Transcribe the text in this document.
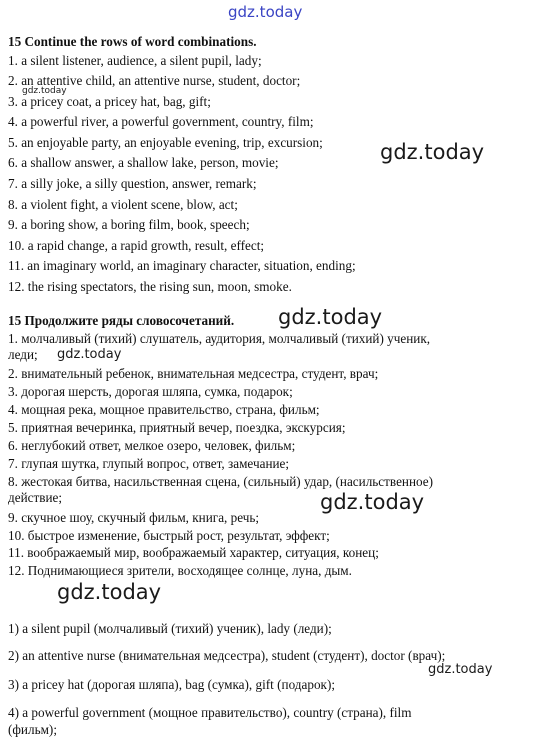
gdz.today
15 Continue the rows of word combinations.
1. a silent listener, audience, a silent pupil, lady;
2. an attentive child, an attentive nurse, student, doctor;
3. a pricey coat, a pricey hat, bag, gift;
4. a powerful river, a powerful government, country, film;
5. an enjoyable party, an enjoyable evening, trip, excursion;
6. a shallow answer, a shallow lake, person, movie;
7. a silly joke, a silly question, answer, remark;
8. a violent fight, a violent scene, blow, act;
9. a boring show, a boring film, book, speech;
10. a rapid change, a rapid growth, result, effect;
11. an imaginary world, an imaginary character, situation, ending;
12. the rising spectators, the rising sun, moon, smoke.
15 Продолжите ряды словосочетаний.
1. молчаливый (тихий) слушатель, аудитория, молчаливый (тихий) ученик,
леди;
2. внимательный ребенок, внимательная медсестра, студент, врач;
3. дорогая шерсть, дорогая шляпа, сумка, подарок;
4. мощная река, мощное правительство, страна, фильм;
5. приятная вечеринка, приятный вечер, поездка, экскурсия;
6. неглубокий ответ, мелкое озеро, человек, фильм;
7. глупая шутка, глупый вопрос, ответ, замечание;
8. жестокая битва, насильственная сцена, (сильный) удар, (насильственное)
действие;
9. скучное шоу, скучный фильм, книга, речь;
10. быстрое изменение, быстрый рост, результат, эффект;
11. воображаемый мир, воображаемый характер, ситуация, конец;
12. Поднимающиеся зрители, восходящее солнце, луна, дым.
1) a silent pupil (молчаливый (тихий) ученик), lady (леди);
2) an attentive nurse (внимательная медсестра), student (студент), doctor (врач);
3) a pricey hat (дорогая шляпа), bag (сумка), gift (подарок);
4) a powerful government (мощное правительство), country (страна), film
(фильм);
gdz.today
gdz.today
gdz.today
gdz.today
gdz.today
gdz.today
gdz.today
